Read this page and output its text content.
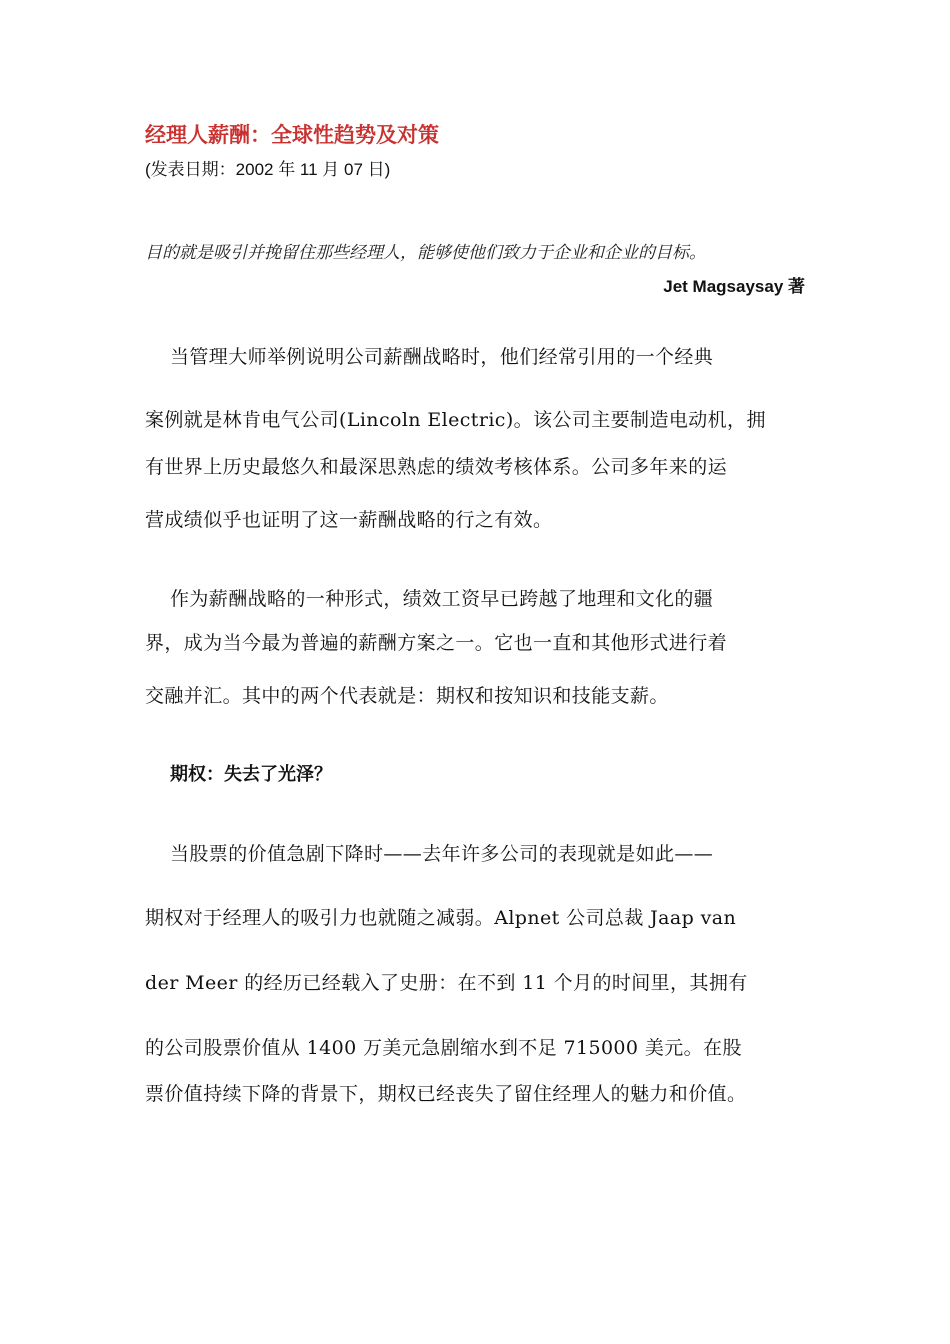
经理人薪酬：全球性趋势及对策
(发表日期：2002 年 11 月 07 日)
目的就是吸引并挽留住那些经理人，能够使他们致力于企业和企业的目标。
Jet Magsaysay 著
当管理大师举例说明公司薪酬战略时，他们经常引用的一个经典
案例就是林肯电气公司(Lincoln Electric)。该公司主要制造电动机，拥
有世界上历史最悠久和最深思熟虑的绩效考核体系。公司多年来的运
营成绩似乎也证明了这一薪酬战略的行之有效。
作为薪酬战略的一种形式，绩效工资早已跨越了地理和文化的疆
界，成为当今最为普遍的薪酬方案之一。它也一直和其他形式进行着
交融并汇。其中的两个代表就是：期权和按知识和技能支薪。
期权：失去了光泽？
当股票的价值急剧下降时——去年许多公司的表现就是如此——
期权对于经理人的吸引力也就随之减弱。Alpnet 公司总裁 Jaap van
der Meer 的经历已经载入了史册：在不到 11 个月的时间里，其拥有
的公司股票价值从 1400 万美元急剧缩水到不足 715000 美元。在股
票价值持续下降的背景下，期权已经丧失了留住经理人的魅力和价值。
